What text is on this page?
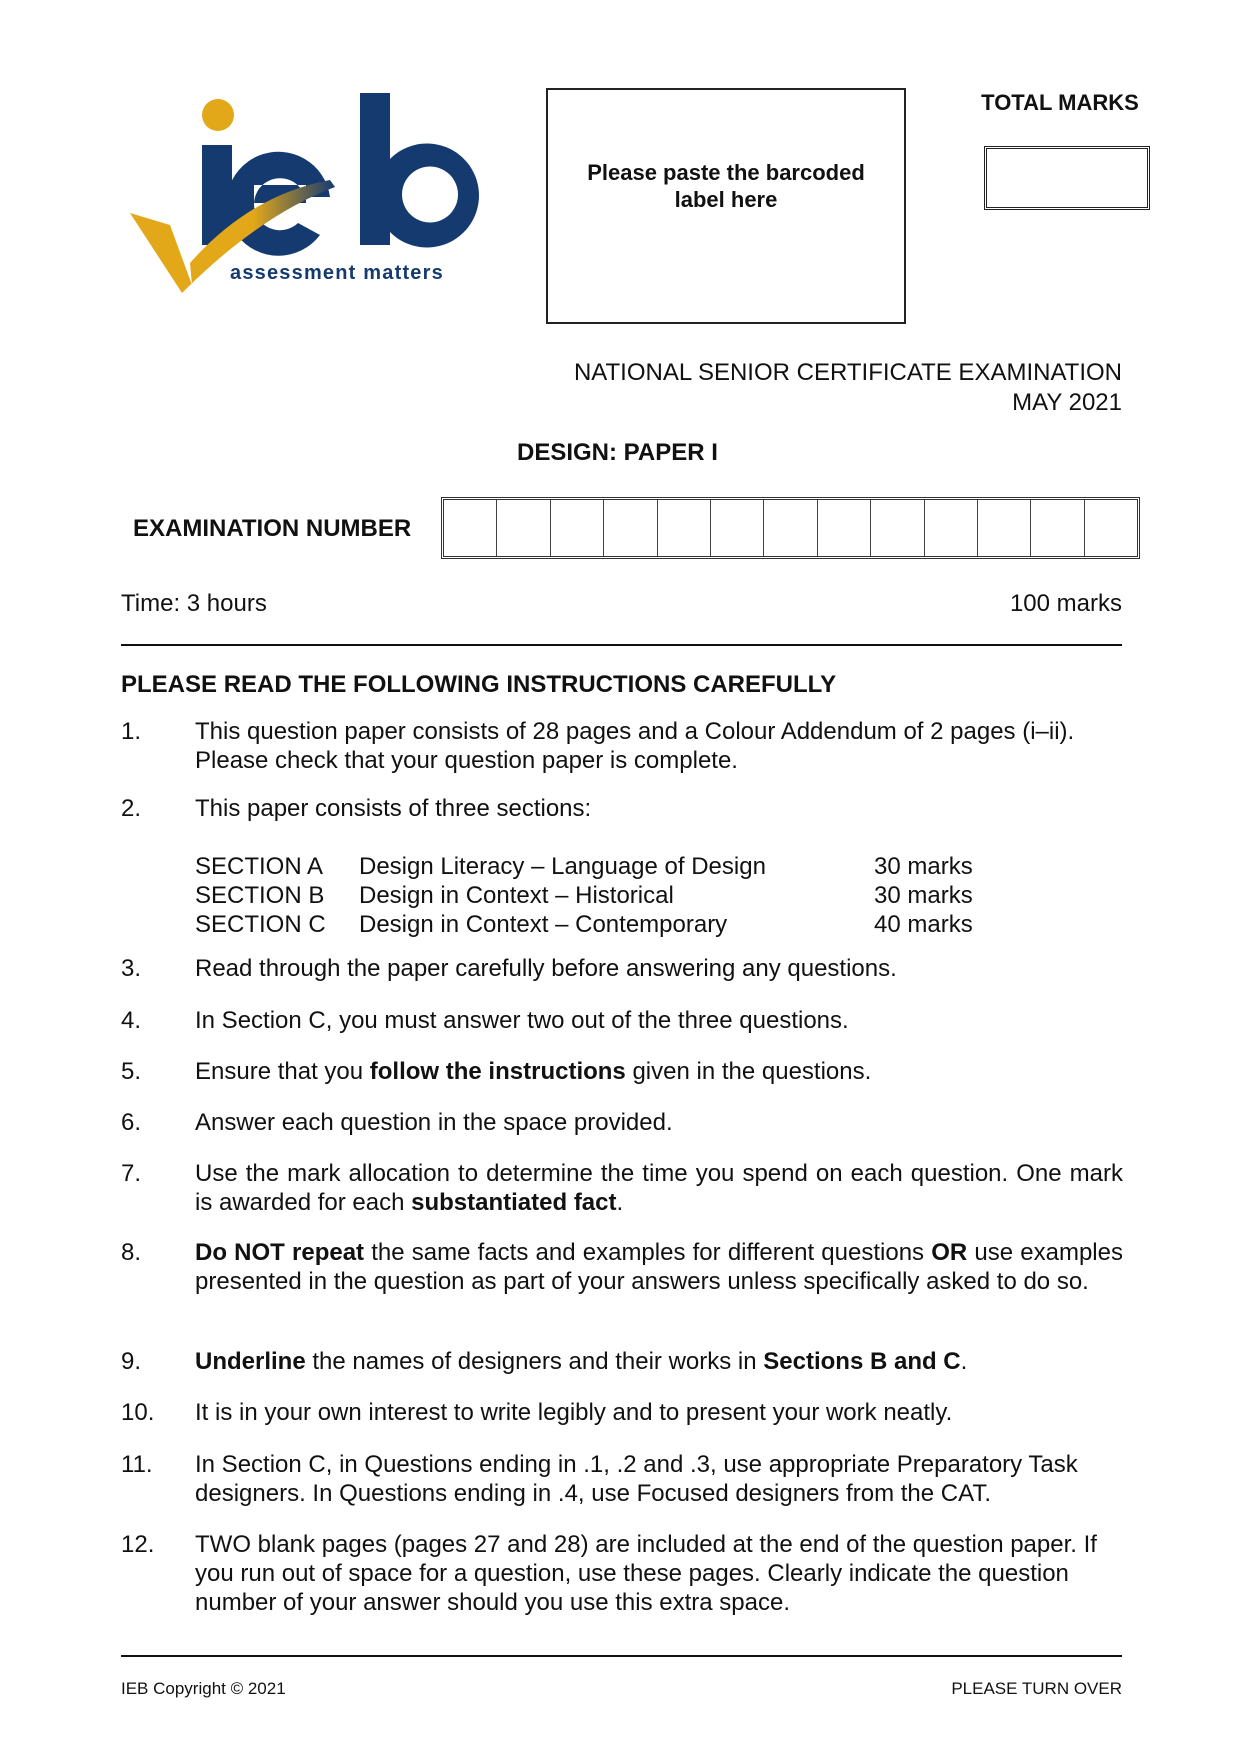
assessment matters
Please paste the barcoded label here
TOTAL MARKS
NATIONAL SENIOR CERTIFICATE EXAMINATION
MAY 2021
DESIGN: PAPER I
EXAMINATION NUMBER
Time: 3 hours	100 marks
PLEASE READ THE FOLLOWING INSTRUCTIONS CAREFULLY
1. This question paper consists of 28 pages and a Colour Addendum of 2 pages (i–ii). Please check that your question paper is complete.
2. This paper consists of three sections:
SECTION A Design Literacy – Language of Design	30 marks
SECTION B Design in Context – Historical	30 marks
SECTION C Design in Context – Contemporary	40 marks
3. Read through the paper carefully before answering any questions.
4. In Section C, you must answer two out of the three questions.
5. Ensure that you follow the instructions given in the questions.
6. Answer each question in the space provided.
7. Use the mark allocation to determine the time you spend on each question. One mark is awarded for each substantiated fact.
8. Do NOT repeat the same facts and examples for different questions OR use examples presented in the question as part of your answers unless specifically asked to do so.
9. Underline the names of designers and their works in Sections B and C.
10. It is in your own interest to write legibly and to present your work neatly.
11. In Section C, in Questions ending in .1, .2 and .3, use appropriate Preparatory Task designers. In Questions ending in .4, use Focused designers from the CAT.
12. TWO blank pages (pages 27 and 28) are included at the end of the question paper. If you run out of space for a question, use these pages. Clearly indicate the question number of your answer should you use this extra space.
IEB Copyright © 2021	PLEASE TURN OVER
